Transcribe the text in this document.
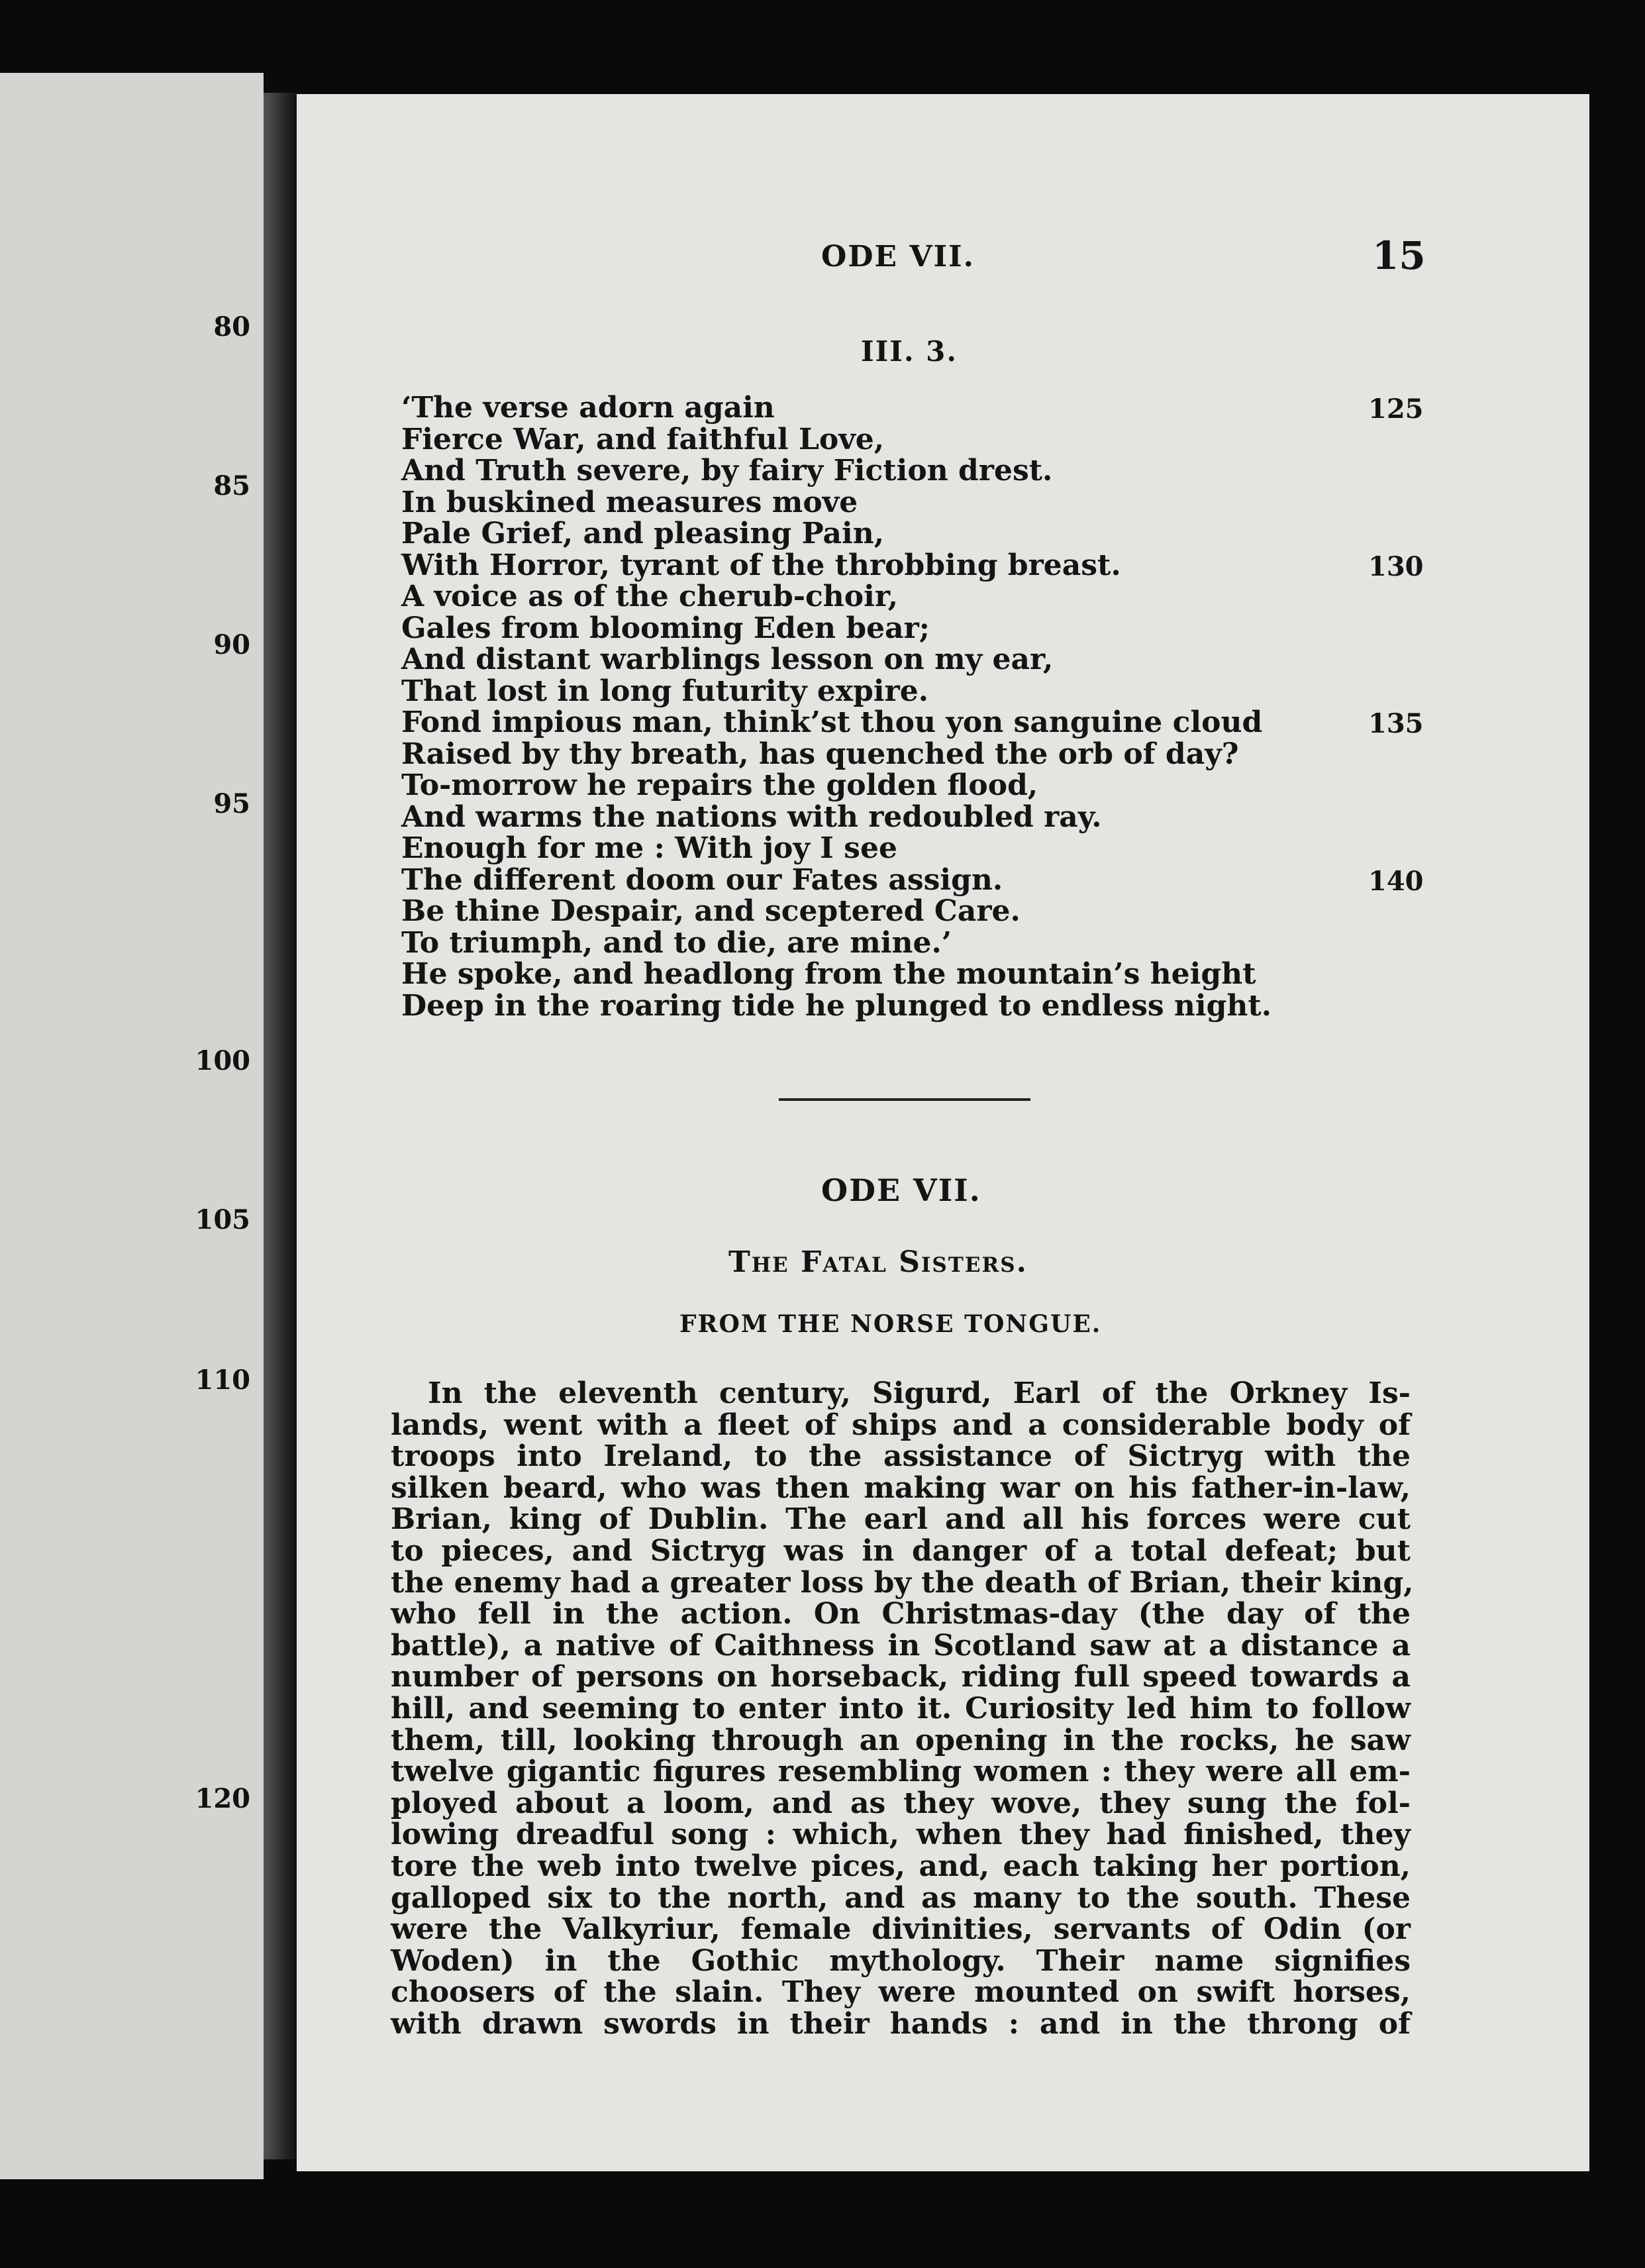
80
85
90
95
100
105
110
120
ODE VII.	15
III. 3.
‘The verse adorn again
Fierce War, and faithful Love,
And Truth severe, by fairy Fiction drest.
In buskined measures move
Pale Grief, and pleasing Pain,
With Horror, tyrant of the throbbing breast.
A voice as of the cherub-choir,
Gales from blooming Eden bear;
And distant warblings lesson on my ear,
That lost in long futurity expire.
Fond impious man, think’st thou yon sanguine cloud
Raised by thy breath, has quenched the orb of day?
To-morrow he repairs the golden flood,
And warms the nations with redoubled ray.
Enough for me : With joy I see
The different doom our Fates assign.
Be thine Despair, and sceptered Care.
To triumph, and to die, are mine.’
He spoke, and headlong from the mountain’s height
Deep in the roaring tide he plunged to endless night.
125
130
135
140
ODE VII.
The Fatal Sisters.
FROM THE NORSE TONGUE.
In the eleventh century, Sigurd, Earl of the Orkney Is-
lands, went with a fleet of ships and a considerable body of
troops into Ireland, to the assistance of Sictryg with the
silken beard, who was then making war on his father-in-law,
Brian, king of Dublin. The earl and all his forces were cut
to pieces, and Sictryg was in danger of a total defeat; but
the enemy had a greater loss by the death of Brian, their king,
who fell in the action. On Christmas-day (the day of the
battle), a native of Caithness in Scotland saw at a distance a
number of persons on horseback, riding full speed towards a
hill, and seeming to enter into it. Curiosity led him to follow
them, till, looking through an opening in the rocks, he saw
twelve gigantic figures resembling women : they were all em-
ployed about a loom, and as they wove, they sung the fol-
lowing dreadful song : which, when they had finished, they
tore the web into twelve pices, and, each taking her portion,
galloped six to the north, and as many to the south. These
were the Valkyriur, female divinities, servants of Odin (or
Woden) in the Gothic mythology. Their name signifies
choosers of the slain. They were mounted on swift horses,
with drawn swords in their hands : and in the throng of
